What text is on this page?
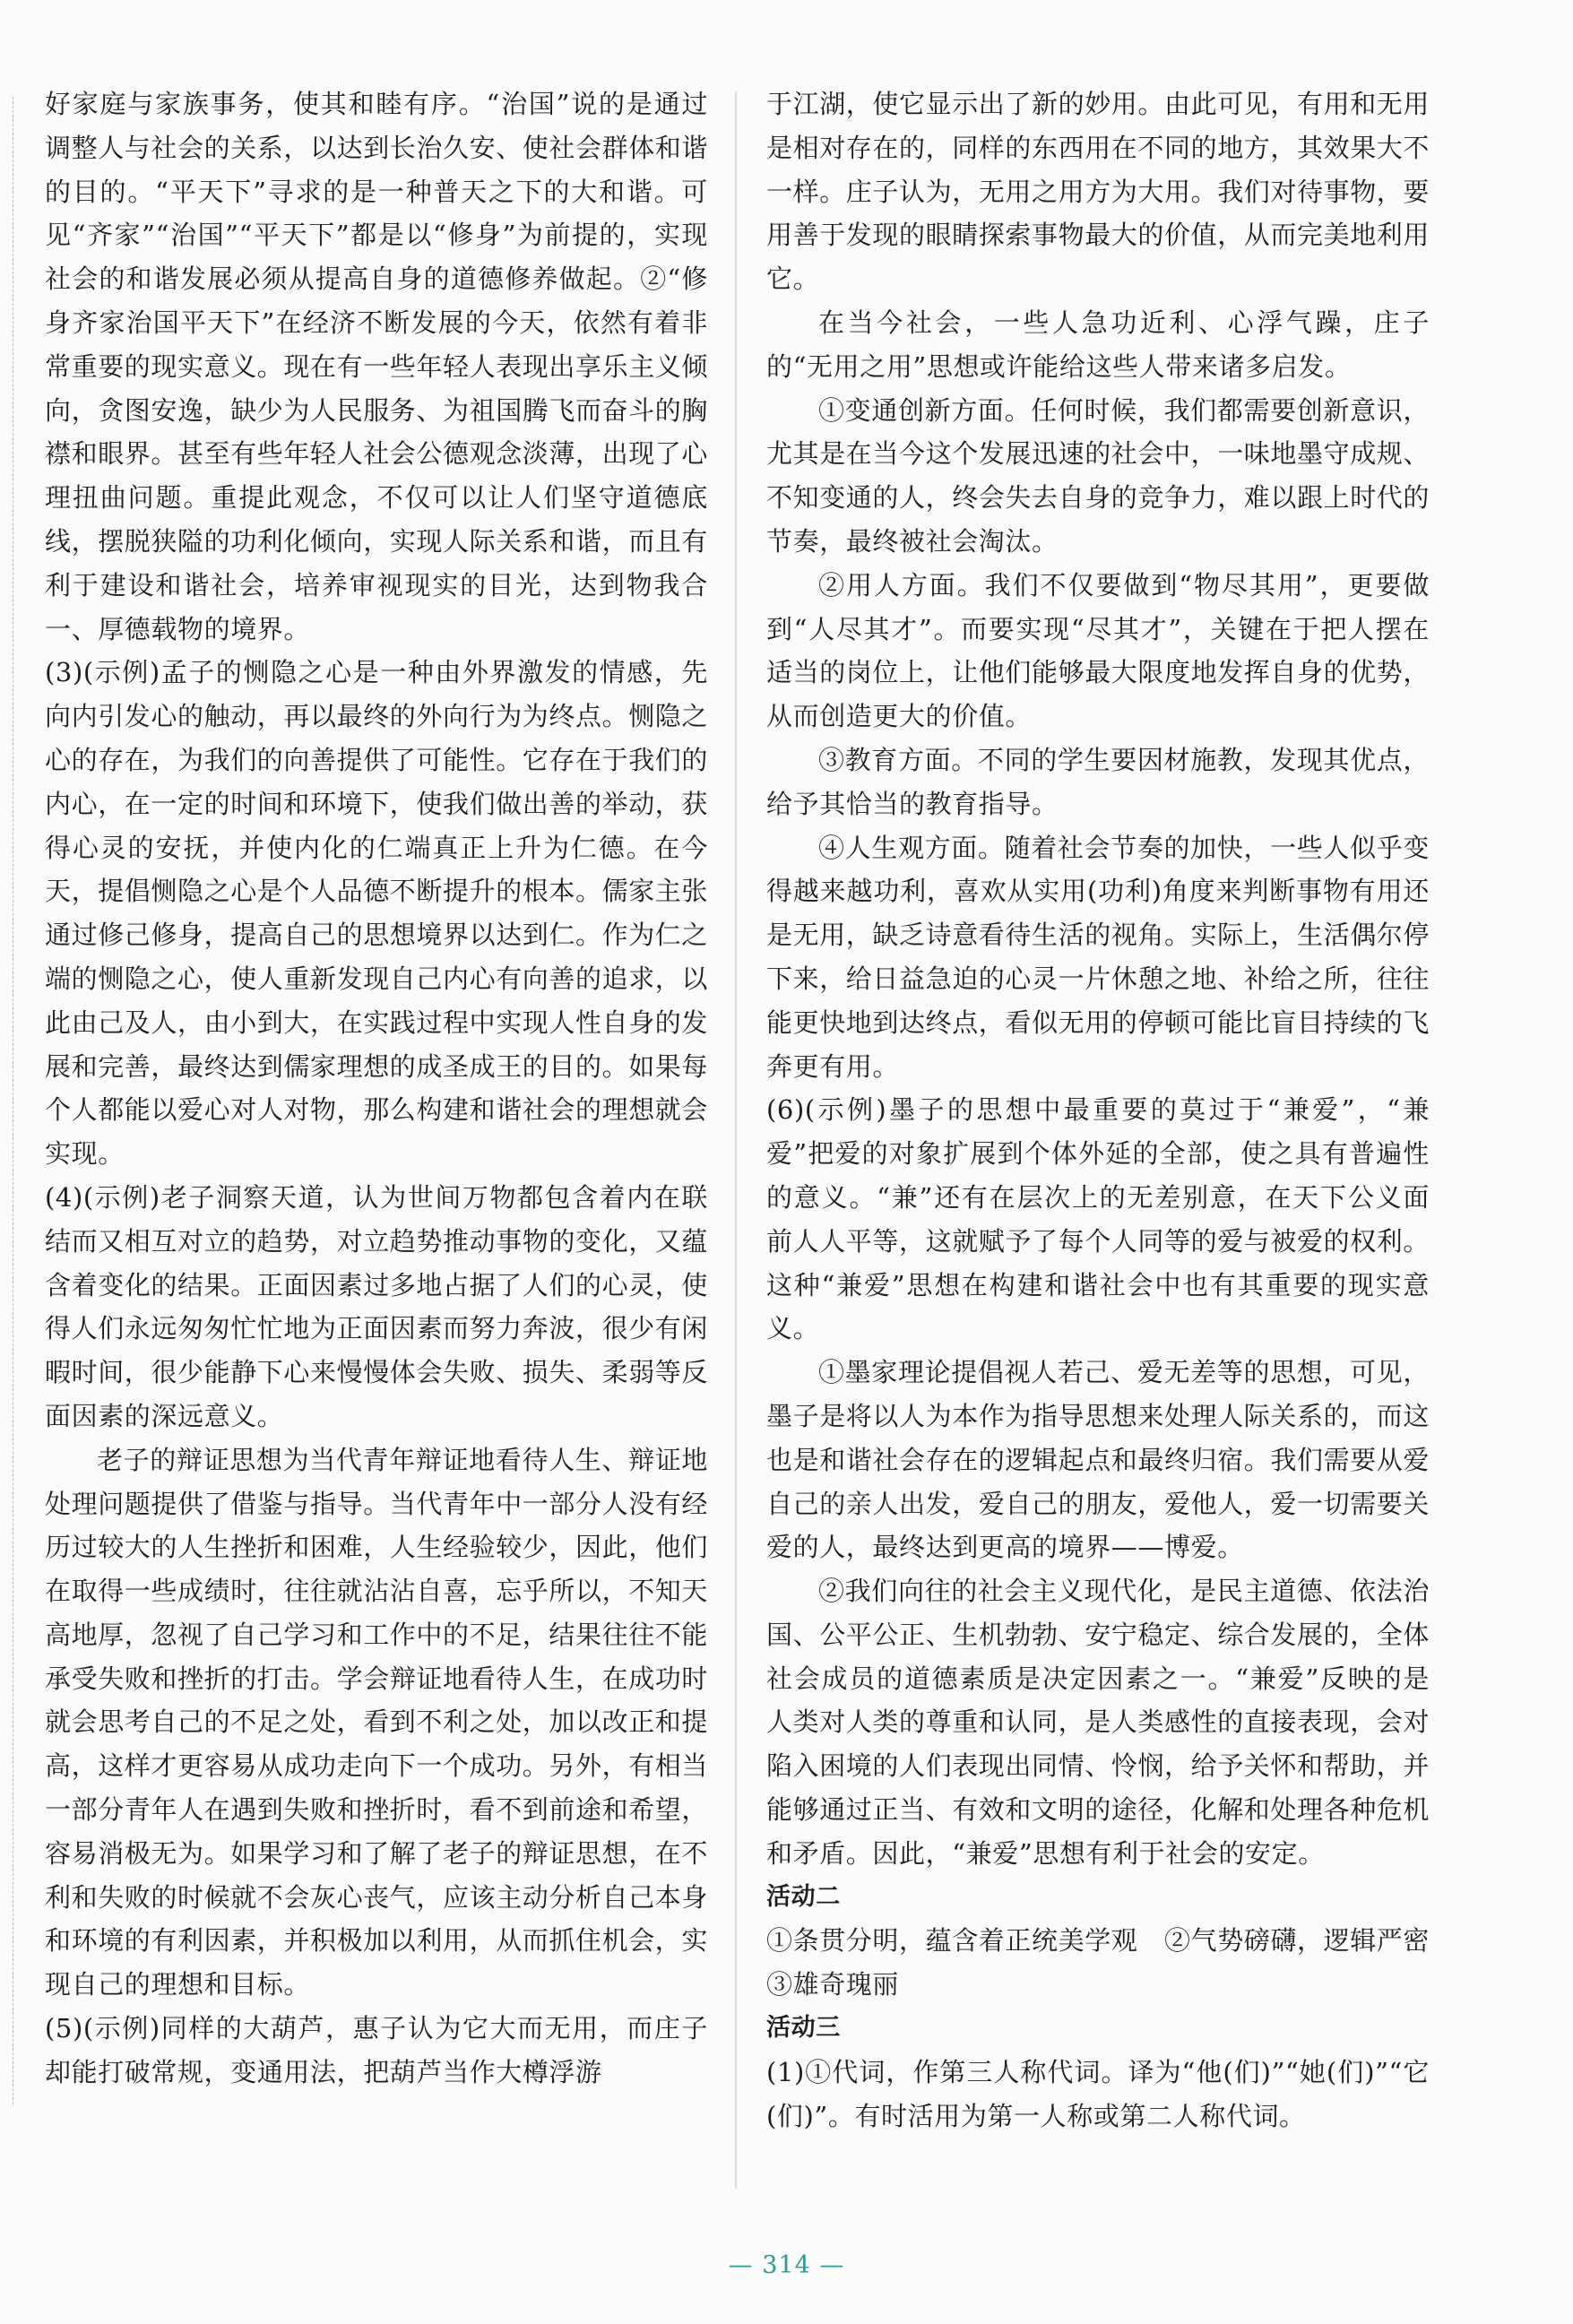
好家庭与家族事务，使其和睦有序。“治国”说的是通过调整人与社会的关系，以达到长治久安、使社会群体和谐的目的。“平天下”寻求的是一种普天之下的大和谐。可见“齐家”“治国”“平天下”都是以“修身”为前提的，实现社会的和谐发展必须从提高自身的道德修养做起。②“修身齐家治国平天下”在经济不断发展的今天，依然有着非常重要的现实意义。现在有一些年轻人表现出享乐主义倾向，贪图安逸，缺少为人民服务、为祖国腾飞而奋斗的胸襟和眼界。甚至有些年轻人社会公德观念淡薄，出现了心理扭曲问题。重提此观念，不仅可以让人们坚守道德底线，摆脱狭隘的功利化倾向，实现人际关系和谐，而且有利于建设和谐社会，培养审视现实的目光，达到物我合一、厚德载物的境界。

(3)(示例)孟子的恻隐之心是一种由外界激发的情感，先向内引发心的触动，再以最终的外向行为为终点。恻隐之心的存在，为我们的向善提供了可能性。它存在于我们的内心，在一定的时间和环境下，使我们做出善的举动，获得心灵的安抚，并使内化的仁端真正上升为仁德。在今天，提倡恻隐之心是个人品德不断提升的根本。儒家主张通过修己修身，提高自己的思想境界以达到仁。作为仁之端的恻隐之心，使人重新发现自己内心有向善的追求，以此由己及人，由小到大，在实践过程中实现人性自身的发展和完善，最终达到儒家理想的成圣成王的目的。如果每个人都能以爱心对人对物，那么构建和谐社会的理想就会实现。

(4)(示例)老子洞察天道，认为世间万物都包含着内在联结而又相互对立的趋势，对立趋势推动事物的变化，又蕴含着变化的结果。正面因素过多地占据了人们的心灵，使得人们永远匆匆忙忙地为正面因素而努力奔波，很少有闲暇时间，很少能静下心来慢慢体会失败、损失、柔弱等反面因素的深远意义。

老子的辩证思想为当代青年辩证地看待人生、辩证地处理问题提供了借鉴与指导。当代青年中一部分人没有经历过较大的人生挫折和困难，人生经验较少，因此，他们在取得一些成绩时，往往就沾沾自喜，忘乎所以，不知天高地厚，忽视了自己学习和工作中的不足，结果往往不能承受失败和挫折的打击。学会辩证地看待人生，在成功时就会思考自己的不足之处，看到不利之处，加以改正和提高，这样才更容易从成功走向下一个成功。另外，有相当一部分青年人在遇到失败和挫折时，看不到前途和希望，容易消极无为。如果学习和了解了老子的辩证思想，在不利和失败的时候就不会灰心丧气，应该主动分析自己本身和环境的有利因素，并积极加以利用，从而抓住机会，实现自己的理想和目标。

(5)(示例)同样的大葫芦，惠子认为它大而无用，而庄子却能打破常规，变通用法，把葫芦当作大樽浮游

于江湖，使它显示出了新的妙用。由此可见，有用和无用是相对存在的，同样的东西用在不同的地方，其效果大不一样。庄子认为，无用之用方为大用。我们对待事物，要用善于发现的眼睛探索事物最大的价值，从而完美地利用它。

在当今社会，一些人急功近利、心浮气躁，庄子的“无用之用”思想或许能给这些人带来诸多启发。

①变通创新方面。任何时候，我们都需要创新意识，尤其是在当今这个发展迅速的社会中，一味地墨守成规、不知变通的人，终会失去自身的竞争力，难以跟上时代的节奏，最终被社会淘汰。

②用人方面。我们不仅要做到“物尽其用”，更要做到“人尽其才”。而要实现“尽其才”，关键在于把人摆在适当的岗位上，让他们能够最大限度地发挥自身的优势，从而创造更大的价值。

③教育方面。不同的学生要因材施教，发现其优点，给予其恰当的教育指导。

④人生观方面。随着社会节奏的加快，一些人似乎变得越来越功利，喜欢从实用(功利)角度来判断事物有用还是无用，缺乏诗意看待生活的视角。实际上，生活偶尔停下来，给日益急迫的心灵一片休憩之地、补给之所，往往能更快地到达终点，看似无用的停顿可能比盲目持续的飞奔更有用。

(6)(示例)墨子的思想中最重要的莫过于“兼爱”，“兼爱”把爱的对象扩展到个体外延的全部，使之具有普遍性的意义。“兼”还有在层次上的无差别意，在天下公义面前人人平等，这就赋予了每个人同等的爱与被爱的权利。这种“兼爱”思想在构建和谐社会中也有其重要的现实意义。

①墨家理论提倡视人若己、爱无差等的思想，可见，墨子是将以人为本作为指导思想来处理人际关系的，而这也是和谐社会存在的逻辑起点和最终归宿。我们需要从爱自己的亲人出发，爱自己的朋友，爱他人，爱一切需要关爱的人，最终达到更高的境界——博爱。

②我们向往的社会主义现代化，是民主道德、依法治国、公平公正、生机勃勃、安宁稳定、综合发展的，全体社会成员的道德素质是决定因素之一。“兼爱”反映的是人类对人类的尊重和认同，是人类感性的直接表现，会对陷入困境的人们表现出同情、怜悯，给予关怀和帮助，并能够通过正当、有效和文明的途径，化解和处理各种危机和矛盾。因此，“兼爱”思想有利于社会的安定。

活动二

①条贯分明，蕴含着正统美学观　②气势磅礴，逻辑严密　③雄奇瑰丽

活动三

(1)①代词，作第三人称代词。译为“他(们)”“她(们)”“它(们)”。有时活用为第一人称或第二人称代词。

— 314 —
